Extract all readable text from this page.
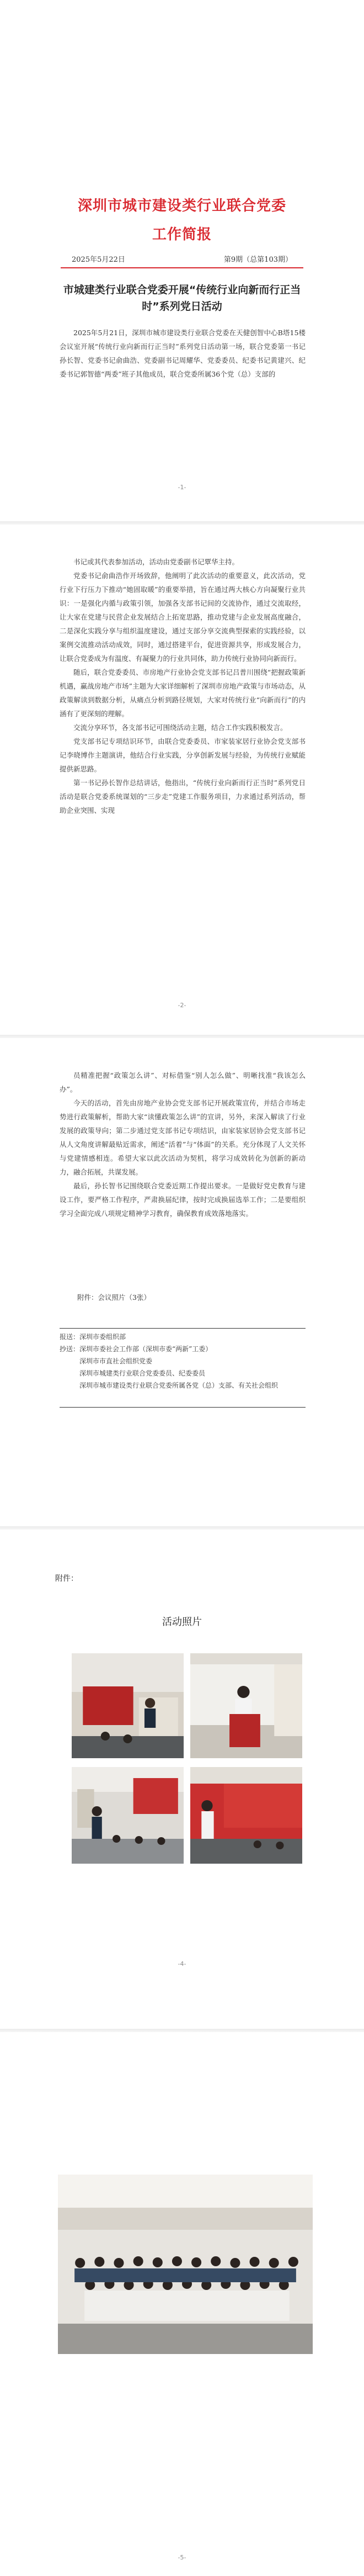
深圳市城市建设类行业联合党委
工作简报
2025年5月22日	第9期（总第103期）
市城建类行业联合党委开展“传统行业向新而行正当时”系列党日活动

2025年5月21日，深圳市城市建设类行业联合党委在天健创智中心B塔15楼会议室开展“传统行业向新而行正当时”系列党日活动第一场，联合党委第一书记孙长智、党委书记俞曲浩、党委副书记周耀华、党委委员、纪委书记黄建兴、纪委书记郭智德“两委”班子其他成员，联合党委所属36个党（总）支部的

-1-

书记或其代表参加活动，活动由党委副书记覃华主持。

党委书记俞曲浩作开场致辞，他阐明了此次活动的重要意义，此次活动，党行业下行压力下推动“她固取暖”的重要举措，旨在通过两大核心方向凝聚行业共识：一是强化内循与政策引领，加强各支部书记间的交流协作，通过交流取经，让大家在党建与民营企业发展结合上拓宽思路，推动党建与企业发展高度融合，二是深化实践分享与组织温度建设，通过支部分享交流典型探索的实践经验，以案例交流推动活动成效，同时，通过搭建平台，促进资源共享，形成发展合力，让联合党委成为有温度、有凝聚力的行业共同体，助力传统行业协同向新而行。

随后，联合党委委员、市房地产行业协会党支部书记吕普川围绕“把握政策新机遇，赢战房地产市场”主题为大家详细解析了深圳市房地产政策与市场动态，从政策解读到数据分析，从痛点分析到路径规划，大家对传统行业“向新而行”的内涵有了更深刻的理解。

交流分享环节，各支部书记可围绕活动主题，结合工作实践积极发言。

党支部书记专项结识环节，由联合党委委员、市家装家居行业协会党支部书记李晓博作主题演讲，他结合行业实践，分享创新发展与经验，为传统行业赋能提供新思路。

第一书记孙长智作总结讲话，他指出，“传统行业向新而行正当时”系列党日活动是联合党委系统谋划的“三步走”党建工作服务项目，力求通过系列活动，帮助企业突围、实现

-2-

员精准把握“政策怎么讲”、对标借鉴“别人怎么做”、明晰找准“我该怎么办”。

今天的活动，首先由房地产业协会党支部书记开展政策宣传，并结合市场走势进行政策解析，帮助大家“读懂政策怎么讲”的宣讲，另外，来深入解读了行业发展的政策导向；第二步通过党支部书记专项结识，由家装家居协会党支部书记从人文角度讲解最贴近需求，阐述“活着”与“体面”的关系。充分体现了人文关怀与党建情感相连。希望大家以此次活动为契机，将学习成效转化为创新的新动力，融合拓展，共谋发展。

最后，孙长智书记围绕联合党委近期工作提出要求。一是做好党史教育与建设工作，要严格工作程序，严肃换届纪律，按时完成换届选举工作；二是要组织学习全面完成八项规定精神学习教育，确保教育成效落地落实。

附件：会议照片（3张）
报送：深圳市委组织部
抄送： 深圳市委社会工作部（深圳市委“两新”工委）
深圳市市直社会组织党委
深圳市城建类行业联合党委委员、纪委委员
深圳市城市建设类行业联合党委所属各党（总）支部、有关社会组织
附件：
活动照片
-4-
-5-
